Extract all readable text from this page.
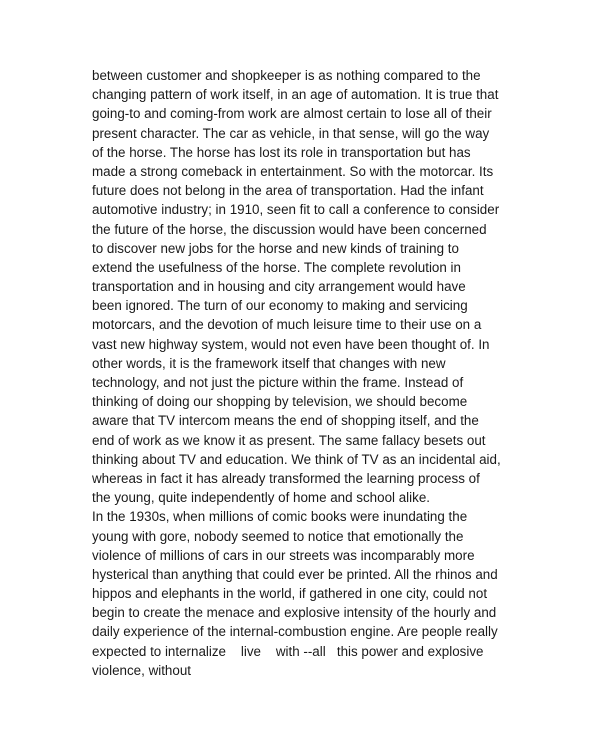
between customer and shopkeeper is as nothing compared to the
changing pattern of work itself, in an age of automation. It is true that
going-to and coming-from work are almost certain to lose all of their
present character. The car as vehicle, in that sense, will go the way
of the horse. The horse has lost its role in transportation but has
made a strong comeback in entertainment. So with the motorcar. Its
future does not belong in the area of transportation. Had the infant
automotive industry; in 1910, seen fit to call a conference to consider
the future of the horse, the discussion would have been concerned
to discover new jobs for the horse and new kinds of training to
extend the usefulness of the horse. The complete revolution in
transportation and in housing and city arrangement would have
been ignored. The turn of our economy to making and servicing
motorcars, and the devotion of much leisure time to their use on a
vast new highway system, would not even have been thought of. In
other words, it is the framework itself that changes with new
technology, and not just the picture within the frame. Instead of
thinking of doing our shopping by television, we should become
aware that TV intercom means the end of shopping itself, and the
end of work as we know it as present. The same fallacy besets out
thinking about TV and education. We think of TV as an incidental aid,
whereas in fact it has already transformed the learning process of
the young, quite independently of home and school alike.
In the 1930s, when millions of comic books were inundating the
young with gore, nobody seemed to notice that emotionally the
violence of millions of cars in our streets was incomparably more
hysterical than anything that could ever be printed. All the rhinos and
hippos and elephants in the world, if gathered in one city, could not
begin to create the menace and explosive intensity of the hourly and
daily experience of the internal-combustion engine. Are people really
expected to internalize    live    with --all   this power and explosive
violence, without
